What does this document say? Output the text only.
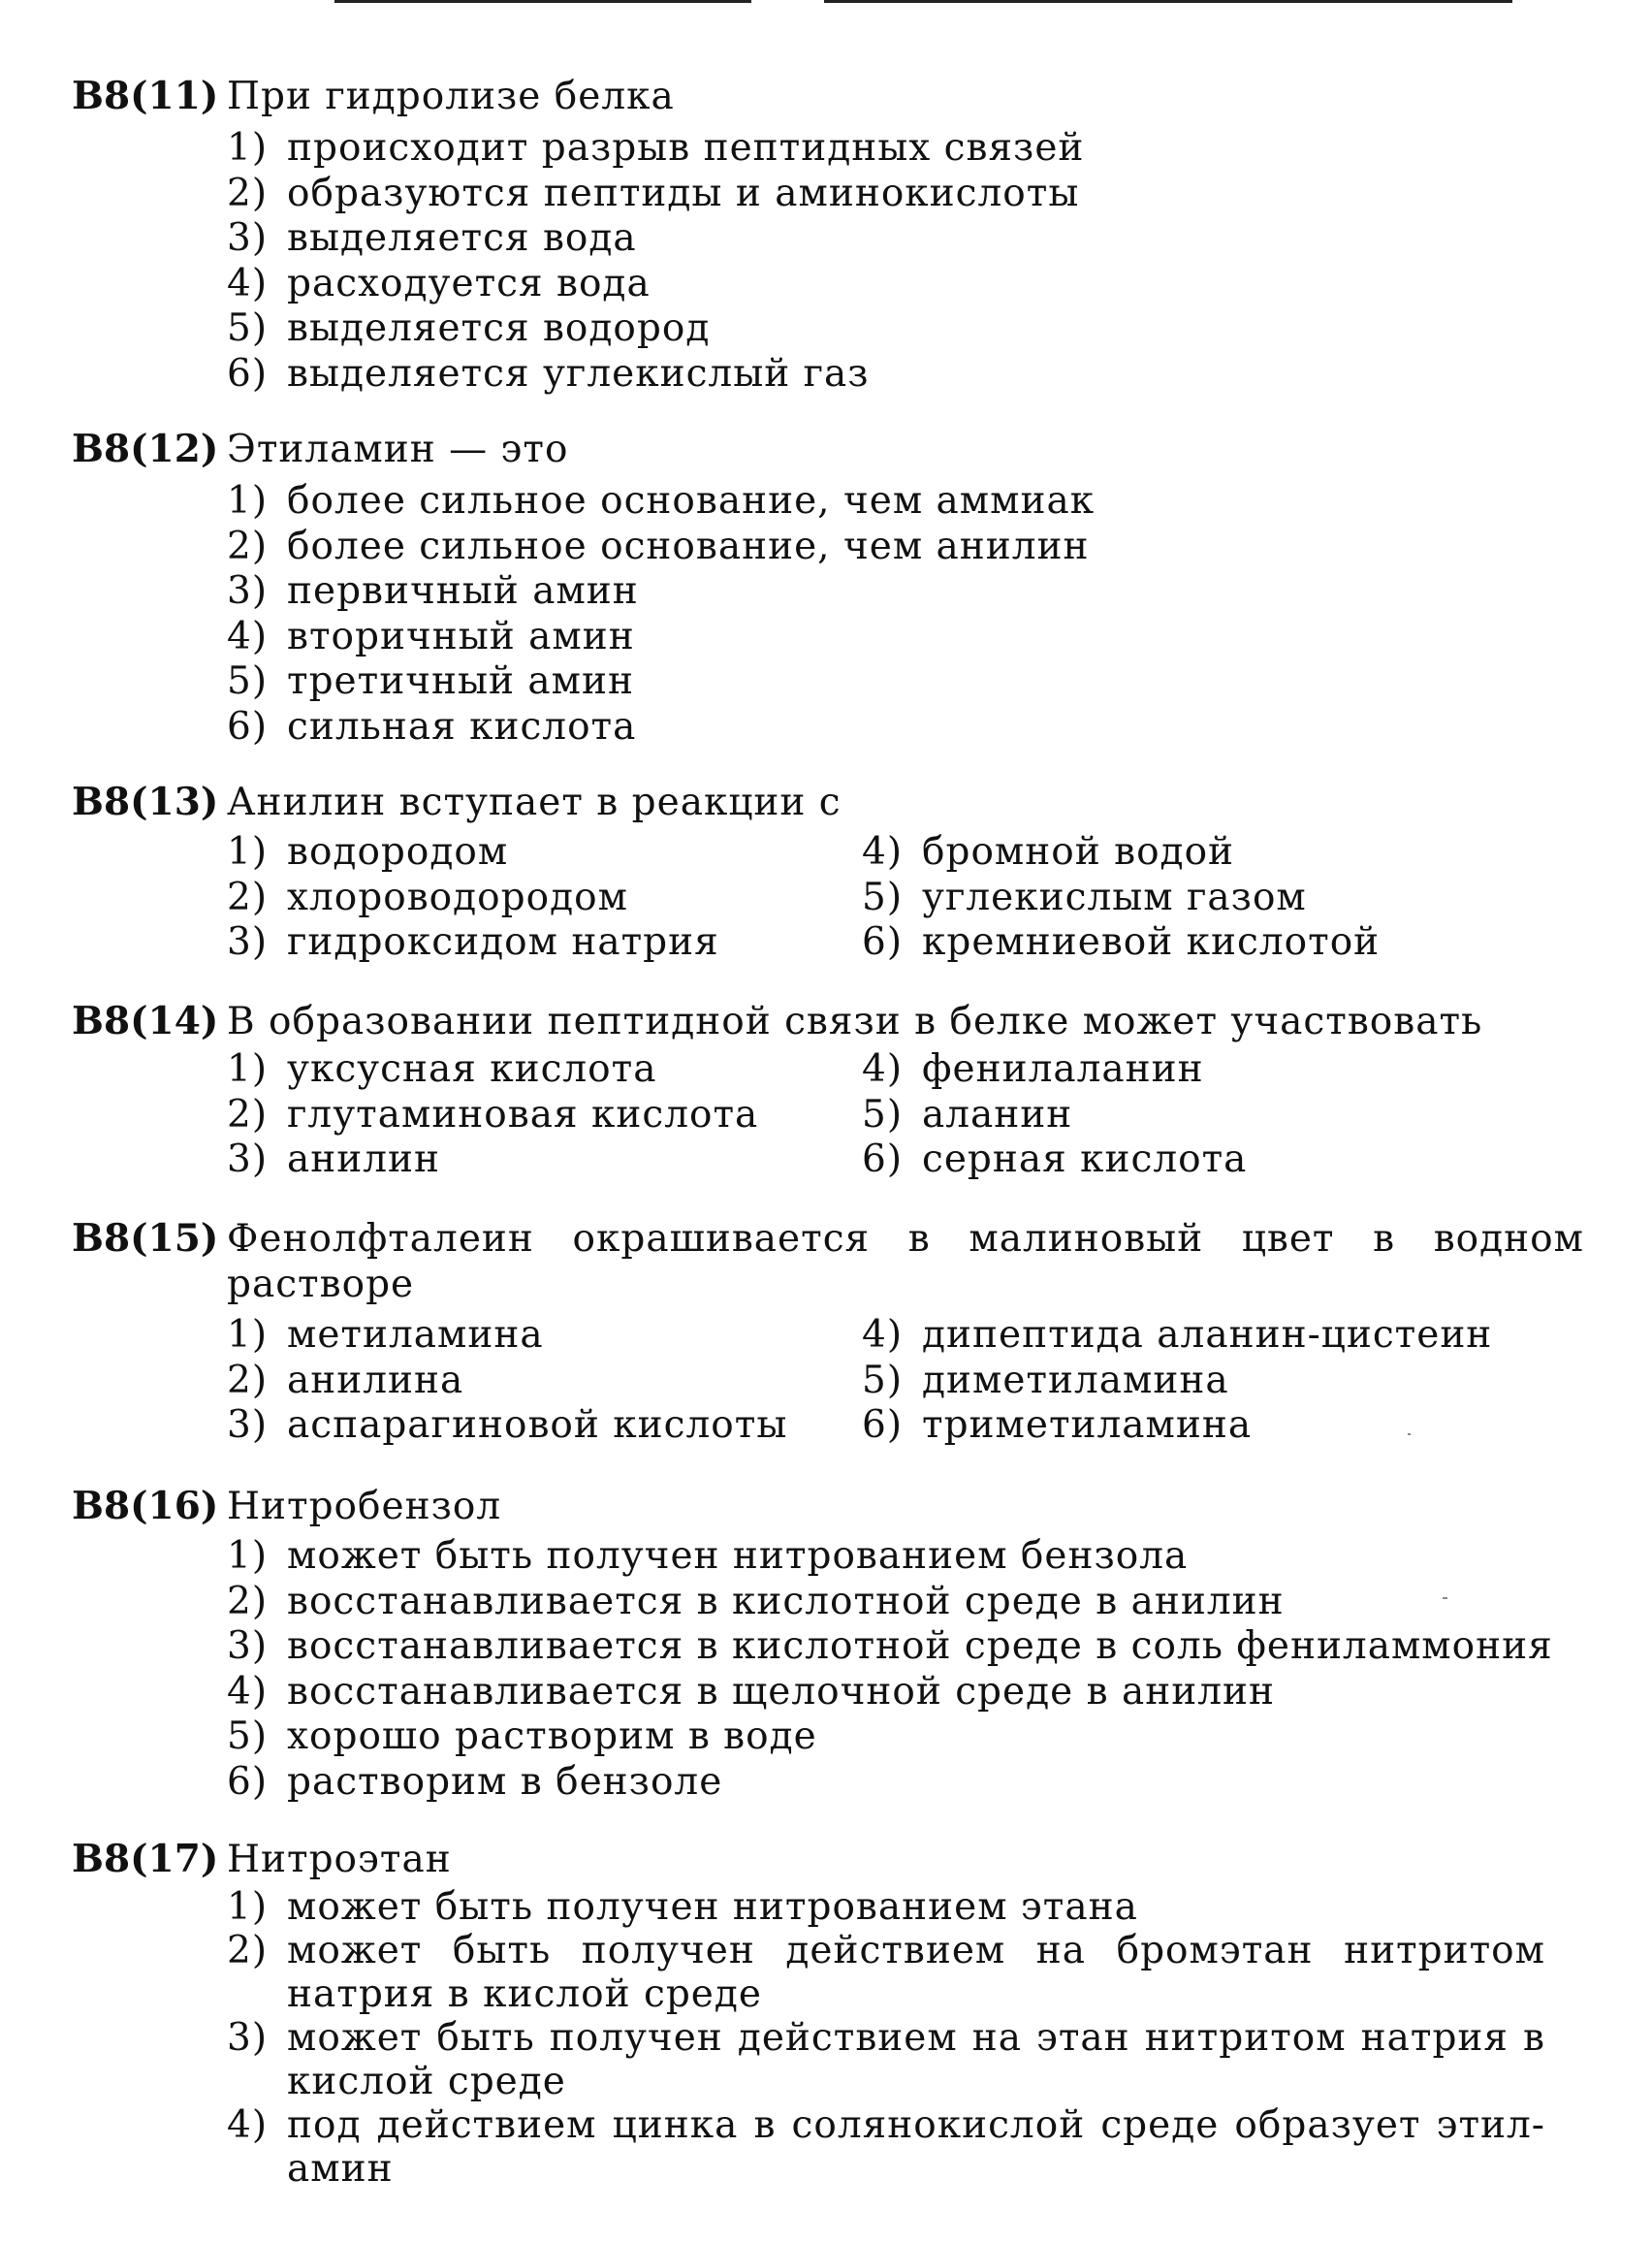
B8(11) При гидролизе белка
1) происходит разрыв пептидных связей
2) образуются пептиды и аминокислоты
3) выделяется вода
4) расходуется вода
5) выделяется водород
6) выделяется углекислый газ
B8(12) Этиламин — это
1) более сильное основание, чем аммиак
2) более сильное основание, чем анилин
3) первичный амин
4) вторичный амин
5) третичный амин
6) сильная кислота
B8(13) Анилин вступает в реакции с
1) водородом	4) бромной водой
2) хлороводородом	5) углекислым газом
3) гидроксидом натрия	6) кремниевой кислотой
B8(14) В образовании пептидной связи в белке может участвовать
1) уксусная кислота	4) фенилаланин
2) глутаминовая кислота	5) аланин
3) анилин	6) серная кислота
B8(15) Фенолфталеин окрашивается в малиновый цвет в водном растворе
1) метиламина	4) дипептида аланин-цистеин
2) анилина	5) диметиламина
3) аспарагиновой кислоты 6) триметиламина
B8(16) Нитробензол
1) может быть получен нитрованием бензола
2) восстанавливается в кислотной среде в анилин
3) восстанавливается в кислотной среде в соль фениламмония
4) восстанавливается в щелочной среде в анилин
5) хорошо растворим в воде
6) растворим в бензоле
B8(17) Нитроэтан
1) может быть получен нитрованием этана
2) может быть получен действием на бромэтан нитритом натрия в кислой среде
3) может быть получен действием на этан нитритом натрия в кислой среде
4) под действием цинка в солянокислой среде образует этил-амин
